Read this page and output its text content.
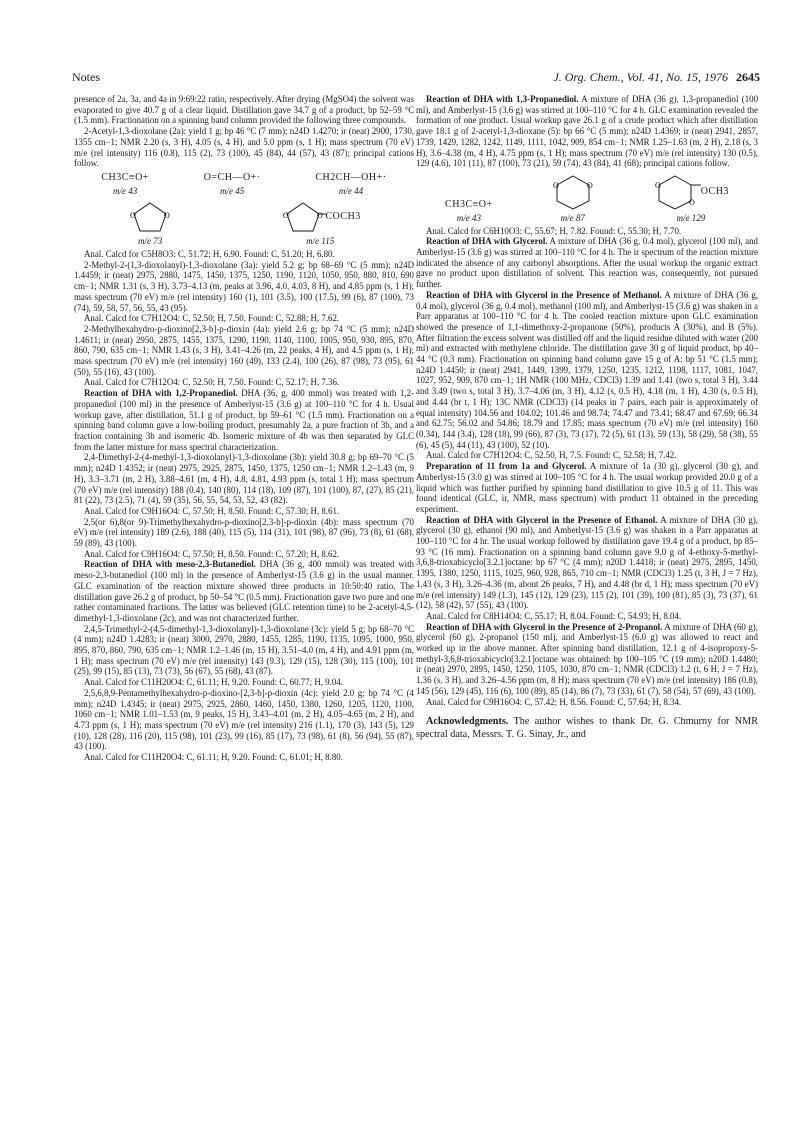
Notes	J. Org. Chem., Vol. 41, No. 15, 1976 2645

presence of 2a, 3a, and 4a in 9:69:22 ratio, respectively. After drying (MgSO4) the solvent was evaporated to give 40.7 g of a clear liquid. Distillation gave 34.7 g of a product, bp 52–59 °C (1.5 mm). Fractionation on a spinning band column provided the following three compounds.

2-Acetyl-1,3-dioxolane (2a): yield 1 g; bp 46 °C (7 mm); n24D 1.4270; ir (neat) 2900, 1730, 1355 cm−1; NMR 2.20 (s, 3 H), 4.05 (s, 4 H), and 5.0 ppm (s, 1 H); mass spectrum (70 eV) m/e (rel intensity) 116 (0.8), 115 (2), 73 (100), 45 (84), 44 (57), 43 (87); principal cations follow.

CH3C≡O+
m/e 43
O=CH—O+·
m/e 45
CH2CH—OH+·
m/e 44
O	O
m/e 73
O	O COCH3
m/e 115

Anal. Calcd for C5H8O3: C, 51.72; H, 6.90. Found: C, 51.20; H, 6.80.

2-Methyl-2-(1,3-dioxolanyl)-1,3-dioxolane (3a): yield 5.2 g; bp 68–69 °C (5 mm); n24D 1.4459; ir (neat) 2975, 2880, 1475, 1450, 1375, 1250, 1190, 1120, 1050, 950, 880, 810, 690 cm−1; NMR 1.31 (s, 3 H), 3.73–4.13 (m, peaks at 3.96, 4.0, 4.03, 8 H), and 4.85 ppm (s, 1 H); mass spectrum (70 eV) m/e (rel intensity) 160 (1), 101 (3.5), 100 (17.5), 99 (6), 87 (100), 73 (74), 59, 58, 57, 56, 55, 43 (95).

Anal. Calcd for C7H12O4: C, 52.50; H, 7.50. Found: C, 52.88; H, 7.62.

2-Methylhexahydro-p-dioxino[2,3-b]-p-dioxin (4a): yield 2.6 g; bp 74 °C (5 mm); n24D 1.4611; ir (neat) 2950, 2875, 1455, 1375, 1290, 1190, 1140, 1100, 1005, 950, 930, 895, 870, 860, 790, 635 cm−1; NMR 1.43 (s, 3 H), 3.41–4.26 (m, 22 peaks, 4 H), and 4.5 ppm (s, 1 H); mass spectrum (70 eV) m/e (rel intensity) 160 (49), 133 (2.4), 100 (26), 87 (98), 73 (95), 61 (50), 55 (16), 43 (100).

Anal. Calcd for C7H12O4: C, 52.50; H, 7.50. Found: C, 52.17; H, 7.36.

Reaction of DHA with 1,2-Propanediol. DHA (36, g, 400 mmol) was treated with 1,2-propanediol (100 ml) in the presence of Amberlyst-15 (3.6 g) at 100–110 °C for 4 h. Usual workup gave, after distillation, 51.1 g of product, bp 59–61 °C (1.5 mm). Fractionation on a spinning band column gave a low-boiling product, presumably 2a, a pure fraction of 3b, and a fraction containing 3b and isomeric 4b. Isomeric mixture of 4b was then separated by GLC from the latter mixture for mass spectral characterization.

2,4-Dimethyl-2-(4-methyl-1,3-dioxolanyl)-1,3-dioxolane (3b): yield 30.8 g; bp 69–70 °C (5 mm); n24D 1.4352; ir (neat) 2975, 2925, 2875, 1450, 1375, 1250 cm−1; NMR 1.2–1.43 (m, 9 H), 3.3–3.71 (m, 2 H), 3.88–4.61 (m, 4 H), 4.8, 4.81, 4.93 ppm (s, total 1 H); mass spectrum (70 eV) m/e (rel intensity) 188 (0.4), 140 (80), 114 (18), 109 (87), 101 (100), 87, (27), 85 (21), 81 (22), 73 (2.5), 71 (4), 59 (35), 56, 55, 54, 53, 52, 43 (82).

Anal. Calcd for C9H16O4: C, 57.50; H, 8.50. Found: C, 57.30; H, 8.61.

2,5(or 6),8(or 9)-Trimethylhexahydro-p-dioxino[2,3-b]-p-dioxin (4b): mass spectrum (70 eV) m/e (rel intensity) 189 (2.6), 188 (40), 115 (5), 114 (31), 101 (98), 87 (96), 73 (8), 61 (68), 59 (89), 43 (100).

Anal. Calcd for C9H16O4: C, 57.50; H, 8.50. Found: C, 57.20; H, 8.62.

Reaction of DHA with meso-2,3-Butanediol. DHA (36 g, 400 mmol) was treated with meso-2,3-butanediol (100 ml) in the presence of Amberlyst-15 (3.6 g) in the usual manner. GLC examination of the reaction mixture showed three products in 10:50:40 ratio. The distillation gave 26.2 g of product, bp 50–54 °C (0.5 mm). Fractionation gave two pure and one rather contaminated fractions. The latter was believed (GLC retention time) to be 2-acetyl-4,5-dimethyl-1,3-dioxolane (2c), and was not characterized further.

2,4,5-Trimethyl-2-(4,5-dimethyl-1,3-dioxolanyl)-1,3-dioxolane (3c): yield 5 g; bp 68–70 °C (4 mm); n24D 1.4283; ir (neat) 3000, 2970, 2880, 1455, 1285, 1190, 1135, 1095, 1000, 950, 895, 870, 860, 790, 635 cm−1; NMR 1.2–1.46 (m, 15 H), 3.51–4.0 (m, 4 H), and 4.91 ppm (m, 1 H); mass spectrum (70 eV) m/e (rel intensity) 143 (9.3), 129 (15), 128 (30), 115 (100), 101 (25), 99 (15), 85 (13), 73 (73), 56 (67), 55 (68), 43 (87).

Anal. Calcd for C11H20O4: C, 61.11; H, 9.20. Found: C, 60.77; H, 9.04.

2,5,6,8,9-Pentamethylhexahydro-p-dioxino-[2,3-b]-p-dioxin (4c): yield 2.0 g; bp 74 °C (4 mm); n24D 1.4345; ir (neat) 2975, 2925, 2860, 1460, 1450, 1380, 1260, 1205, 1120, 1100, 1060 cm−1; NMR 1.01–1.53 (m, 9 peaks, 15 H), 3.43–4.01 (m, 2 H), 4.05–4.65 (m, 2 H), and 4.73 ppm (s, 1 H); mass spectrum (70 eV) m/e (rel intensity) 216 (1.1), 170 (3), 143 (5), 129 (10), 128 (28), 116 (20), 115 (98), 101 (23), 99 (16), 85 (17), 73 (98), 61 (8), 56 (94), 55 (87), 43 (100).

Anal. Calcd for C11H20O4: C, 61.11; H, 9.20. Found: C, 61.01; H, 8.80.

Reaction of DHA with 1,3-Propanediol. A mixture of DHA (36 g), 1,3-propanediol (100 ml), and Amberlyst-15 (3.6 g) was stirred at 100–110 °C for 4 h. GLC examination revealed the formation of one product. Usual workup gave 26.1 g of a crude product which after distillation gave 18.1 g of 2-acetyl-1,3-dioxane (5): bp 66 °C (5 mm); n24D 1.4369; ir (neat) 2941, 2857, 1739, 1429, 1282, 1242, 1149, 1111, 1042, 909, 854 cm−1; NMR 1.25–1.63 (m, 2 H), 2.18 (s, 3 H), 3.6–4.38 (m, 4 H), 4.75 ppm (s, 1 H); mass spectrum (70 eV) m/e (rel intensity) 130 (0.5), 129 (4.6), 101 (11), 87 (100), 73 (21), 59 (74), 43 (84), 41 (68); principal cations follow.

CH3C≡O+
m/e 43
O	O
m/e 87
O
O
OCH3
m/e 129

Anal. Calcd for C6H10O3: C, 55.67; H, 7.82. Found: C, 55.30; H, 7.70.

Reaction of DHA with Glycerol. A mixture of DHA (36 g, 0.4 mol), glycerol (100 ml), and Amberlyst-15 (3.6 g) was stirred at 100–110 °C for 4 h. The ir spectrum of the reaction mixture indicated the absence of any carbonyl absorptions. After the usual workup the organic extract gave no product upon distillation of solvent. This reaction was, consequently, not pursued further.

Reaction of DHA with Glycerol in the Presence of Methanol. A mixture of DHA (36 g, 0.4 mol), glycerol (36 g, 0.4 mol), methanol (100 ml), and Amberlyst-15 (3.6 g) was shaken in a Parr apparatus at 100–110 °C for 4 h. The cooled reaction mixture upon GLC examination showed the presence of 1,1-dimethoxy-2-propanone (50%), products A (30%), and B (5%). After filtration the excess solvent was distilled off and the liquid residue diluted with water (200 ml) and extracted with methylene chloride. The distillation gave 30 g of liquid product, bp 40–44 °C (0.3 mm). Fractionation on spinning band column gave 15 g of A: bp 51 °C (1.5 mm); n24D 1.4450; ir (neat) 2941, 1449, 1399, 1379, 1250, 1235, 1212, 1198, 1117, 1081, 1047, 1027, 952, 909, 870 cm−1; 1H NMR (100 MHz, CDCl3) 1.39 and 1.41 (two s, total 3 H), 3.44 and 3.49 (two s, total 3 H), 3.7–4.06 (m, 3 H), 4.12 (s, 0.5 H), 4.18 (m, 1 H), 4.30 (s, 0.5 H), and 4.44 (br t, 1 H); 13C NMR (CDCl3) (14 peaks in 7 pairs, each pair is approximately of equal intensity) 104.56 and 104.02; 101.46 and 98.74; 74.47 and 73.41; 68.47 and 67.69; 66.34 and 62.75; 56.02 and 54.86; 18.79 and 17.85; mass spectrum (70 eV) m/e (rel intensity) 160 (0.34), 144 (3.4), 128 (18), 99 (66), 87 (3), 73 (17), 72 (5), 61 (13), 59 (13), 58 (29), 58 (38), 55 (6), 45 (5), 44 (11), 43 (100), 52 (10).

Anal. Calcd for C7H12O4: C, 52.50, H, 7.5. Found: C, 52.58; H, 7.42.

Preparation of 11 from 1a and Glycerol. A mixture of 1a (30 g), glycerol (30 g), and Amberlyst-15 (3.0 g) was stirred at 100–105 °C for 4 h. The usual workup provided 20.0 g of a liquid which was further purified by spinning band distillation to give 10.5 g of 11. This was found identical (GLC, ir, NMR, mass spectrum) with product 11 obtained in the preceding experiment.

Reaction of DHA with Glycerol in the Presence of Ethanol. A mixture of DHA (30 g), glycerol (30 g), ethanol (90 ml), and Amberlyst-15 (3.6 g) was shaken in a Parr apparatus at 100–110 °C for 4 hr. The usual workup followed by distillation gave 19.4 g of a product, bp 85–93 °C (16 mm). Fractionation on a spinning band column gave 9.0 g of 4-ethoxy-5-methyl-3,6,8-trioxabicyclo[3.2.1]octane: bp 67 °C (4 mm); n20D 1.4418; ir (neat) 2975, 2895, 1450, 1395, 1380, 1250, 1115, 1025, 960, 928, 865, 710 cm−1; NMR (CDCl3) 1.25 (t, 3 H, J = 7 Hz), 1.43 (s, 3 H), 3.26–4.36 (m, about 26 peaks, 7 H), and 4.48 (br d, 1 H); mass spectrum (70 eV) m/e (rel intensity) 149 (1.3), 145 (12), 129 (23), 115 (2), 101 (39), 100 (81), 85 (3), 73 (37), 61 (12), 58 (42), 57 (55), 43 (100).

Anal. Calcd for C8H14O4: C, 55.17; H, 8.04. Found: C, 54.93; H, 8.04.

Reaction of DHA with Glycerol in the Presence of 2-Propanol. A mixture of DHA (60 g), glycerol (60 g), 2-propanol (150 ml), and Amberlyst-15 (6.0 g) was allowed to react and worked up in the above manner. After spinning band distillation, 12.1 g of 4-isopropoxy-5-methyl-3,6,8-trioxabicyclo[3.2.1]octane was obtained: bp 100–105 °C (19 mm); n20D 1.4480; ir (neat) 2970, 2895, 1450, 1250, 1105, 1030, 870 cm−1; NMR (CDCl3) 1.2 (t, 6 H, J = 7 Hz), 1.36 (s, 3 H), and 3.26–4.56 ppm (m, 8 H); mass spectrum (70 eV) m/e (rel intensity) 186 (0.8), 145 (56), 129 (45), 116 (6), 100 (89), 85 (14), 86 (7), 73 (33), 61 (7), 58 (54), 57 (69), 43 (100).

Anal. Calcd for C9H16O4: C, 57.42; H, 8.56. Found: C, 57.64; H, 8.34.

Acknowledgments. The author wishes to thank Dr. G. Chmurny for NMR spectral data, Messrs. T. G. Sinay, Jr., and
